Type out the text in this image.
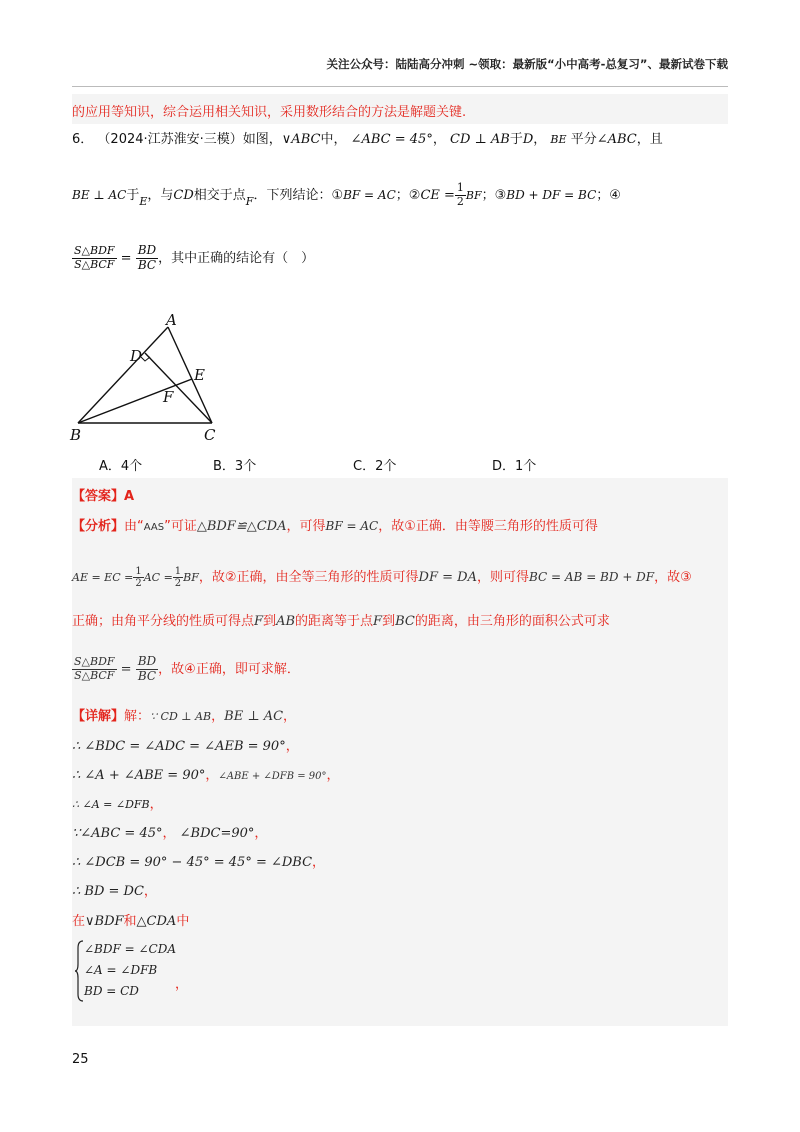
关注公众号：陆陆高分冲刺 ~领取：最新版“小中高考-总复习”、最新试卷下载
的应用等知识，综合运用相关知识，采用数形结合的方法是解题关键.
6． （2024·江苏淮安·三模）如图，∨ABC中， ∠ABC = 45°， CD ⊥ AB于D， BE 平分∠ABC，且
BE ⊥ AC于$_E$，与CD相交于点$_F$．下列结论：①BF = AC；②CE = $\frac{1}{2}$ BF；③BD + DF = BC；④
$\frac{\text{S△BDF}}{\text{S△BCF}} = \frac{BD}{BC}$ ，其中正确的结论有（　）
A
B	C
D
E
F
A．4个	B．3个	C．2个	D．1个
【答案】A
【分析】由“AAS”可证△BDF≌△CDA，可得BF = AC，故①正确．由等腰三角形的性质可得
AE = EC = $\frac{1}{2}$ AC = $\frac{1}{2}$ BF，故②正确，由全等三角形的性质可得DF = DA，则可得BC = AB = BD + DF，故③
正确；由角平分线的性质可得点F到AB的距离等于点F到BC的距离，由三角形的面积公式可求
$\frac{\text{S△BDF}}{\text{S△BCF}} = \frac{BD}{BC}$ ，故④正确，即可求解．
【详解】解：∵ CD ⊥ AB，BE ⊥ AC，
∴ ∠BDC = ∠ADC = ∠AEB = 90°，
∴ ∠A + ∠ABE = 90°，∠ABE + ∠DFB = 90°，
∴ ∠A = ∠DFB，
∵∠ABC = 45°， ∠BDC=90°，
∴ ∠DCB = 90° − 45° = 45° = ∠DBC，
∴ BD = DC，
在∨BDF和△CDA中
∠BDF = ∠CDA
∠A = ∠DFB
BD = CD	，
25
